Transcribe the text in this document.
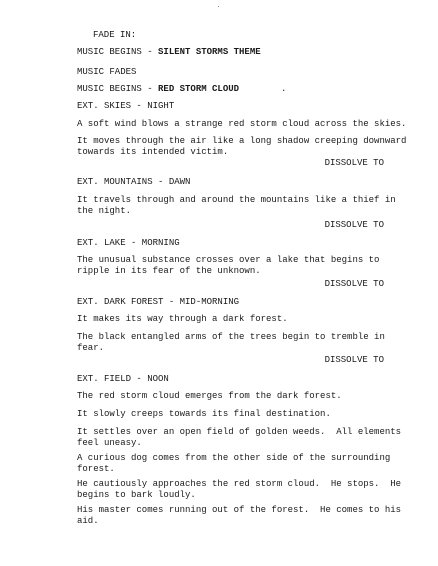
FADE IN:
MUSIC BEGINS - SILENT STORMS THEME
MUSIC FADES
MUSIC BEGINS - RED STORM CLOUD	.
EXT. SKIES - NIGHT
A soft wind blows a strange red storm cloud across the skies.
It moves through the air like a long shadow creeping downward
towards its intended victim.
DISSOLVE TO
EXT. MOUNTAINS - DAWN
It travels through and around the mountains like a thief in
the night.
DISSOLVE TO
EXT. LAKE - MORNING
The unusual substance crosses over a lake that begins to
ripple in its fear of the unknown.
DISSOLVE TO
EXT. DARK FOREST - MID-MORNING
It makes its way through a dark forest.
The black entangled arms of the trees begin to tremble in
fear.
DISSOLVE TO
EXT. FIELD - NOON
The red storm cloud emerges from the dark forest.
It slowly creeps towards its final destination.
It settles over an open field of golden weeds.  All elements
feel uneasy.
A curious dog comes from the other side of the surrounding
forest.
He cautiously approaches the red storm cloud.  He stops.  He
begins to bark loudly.
His master comes running out of the forest.  He comes to his
aid.
